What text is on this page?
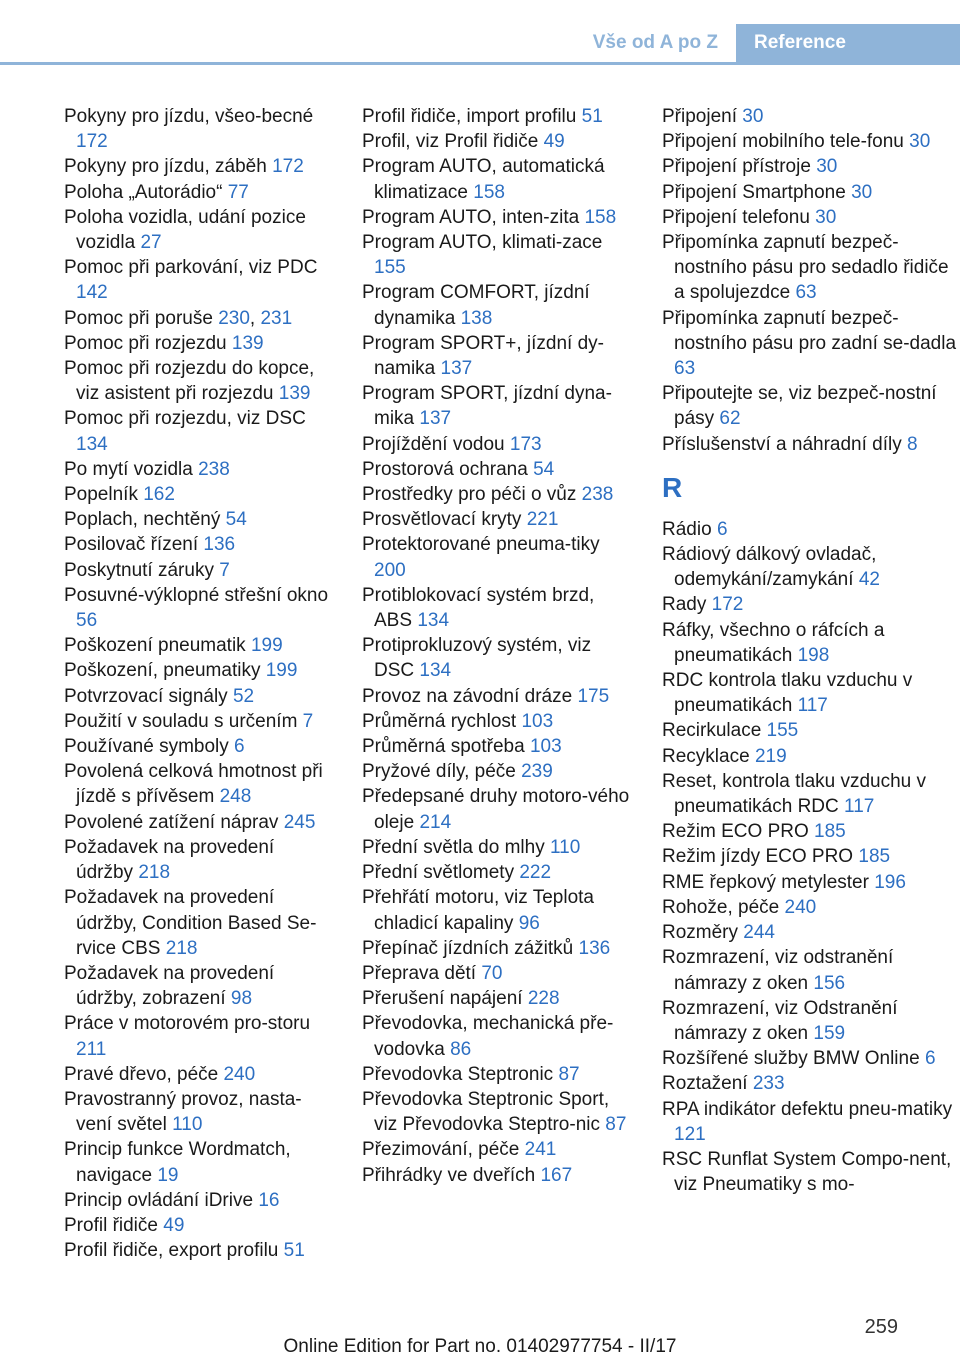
Vše od A po Z	Reference
Pokyny pro jízdu, všeo-becné 172
Pokyny pro jízdu, záběh 172
Poloha „Autorádio“ 77
Poloha vozidla, udání pozice vozidla 27
Pomoc při parkování, viz PDC 142
Pomoc při poruše 230, 231
Pomoc při rozjezdu 139
Pomoc při rozjezdu do kopce, viz asistent při rozjezdu 139
Pomoc při rozjezdu, viz DSC 134
Po mytí vozidla 238
Popelník 162
Poplach, nechtěný 54
Posilovač řízení 136
Poskytnutí záruky 7
Posuvné-výklopné střešní okno 56
Poškození pneumatik 199
Poškození, pneumatiky 199
Potvrzovací signály 52
Použití v souladu s určením 7
Používané symboly 6
Povolená celková hmotnost při jízdě s přívěsem 248
Povolené zatížení náprav 245
Požadavek na provedení údržby 218
Požadavek na provedení údržby, Condition Based Se-rvice CBS 218
Požadavek na provedení údržby, zobrazení 98
Práce v motorovém pro-storu 211
Pravé dřevo, péče 240
Pravostranný provoz, nasta-vení světel 110
Princip funkce Wordmatch, navigace 19
Princip ovládání iDrive 16
Profil řidiče 49
Profil řidiče, export profilu 51
Profil řidiče, import profilu 51
Profil, viz Profil řidiče 49
Program AUTO, automatická klimatizace 158
Program AUTO, inten-zita 158
Program AUTO, klimati-zace 155
Program COMFORT, jízdní dynamika 138
Program SPORT+, jízdní dy-namika 137
Program SPORT, jízdní dyna-mika 137
Projíždění vodou 173
Prostorová ochrana 54
Prostředky pro péči o vůz 238
Prosvětlovací kryty 221
Protektorované pneuma-tiky 200
Protiblokovací systém brzd, ABS 134
Protiprokluzový systém, viz DSC 134
Provoz na závodní dráze 175
Průměrná rychlost 103
Průměrná spotřeba 103
Pryžové díly, péče 239
Předepsané druhy motoro-vého oleje 214
Přední světla do mlhy 110
Přední světlomety 222
Přehřátí motoru, viz Teplota chladicí kapaliny 96
Přepínač jízdních zážitků 136
Přeprava dětí 70
Přerušení napájení 228
Převodovka, mechanická pře-vodovka 86
Převodovka Steptronic 87
Převodovka Steptronic Sport, viz Převodovka Steptro-nic 87
Přezimování, péče 241
Přihrádky ve dveřích 167
Připojení 30
Připojení mobilního tele-fonu 30
Připojení přístroje 30
Připojení Smartphone 30
Připojení telefonu 30
Připomínka zapnutí bezpeč-nostního pásu pro sedadlo řidiče a spolujezdce 63
Připomínka zapnutí bezpeč-nostního pásu pro zadní se-dadla 63
Připoutejte se, viz bezpeč-nostní pásy 62
Příslušenství a náhradní díly 8
R
Rádio 6
Rádiový dálkový ovladač, odemykání/zamykání 42
Rady 172
Ráfky, všechno o ráfcích a pneumatikách 198
RDC kontrola tlaku vzduchu v pneumatikách 117
Recirkulace 155
Recyklace 219
Reset, kontrola tlaku vzduchu v pneumatikách RDC 117
Režim ECO PRO 185
Režim jízdy ECO PRO 185
RME řepkový metylester 196
Rohože, péče 240
Rozměry 244
Rozmrazení, viz odstranění námrazy z oken 156
Rozmrazení, viz Odstranění námrazy z oken 159
Rozšířené služby BMW Online 6
Roztažení 233
RPA indikátor defektu pneu-matiky 121
RSC Runflat System Compo-nent, viz Pneumatiky s mo-
259
Online Edition for Part no. 01402977754 - II/17
